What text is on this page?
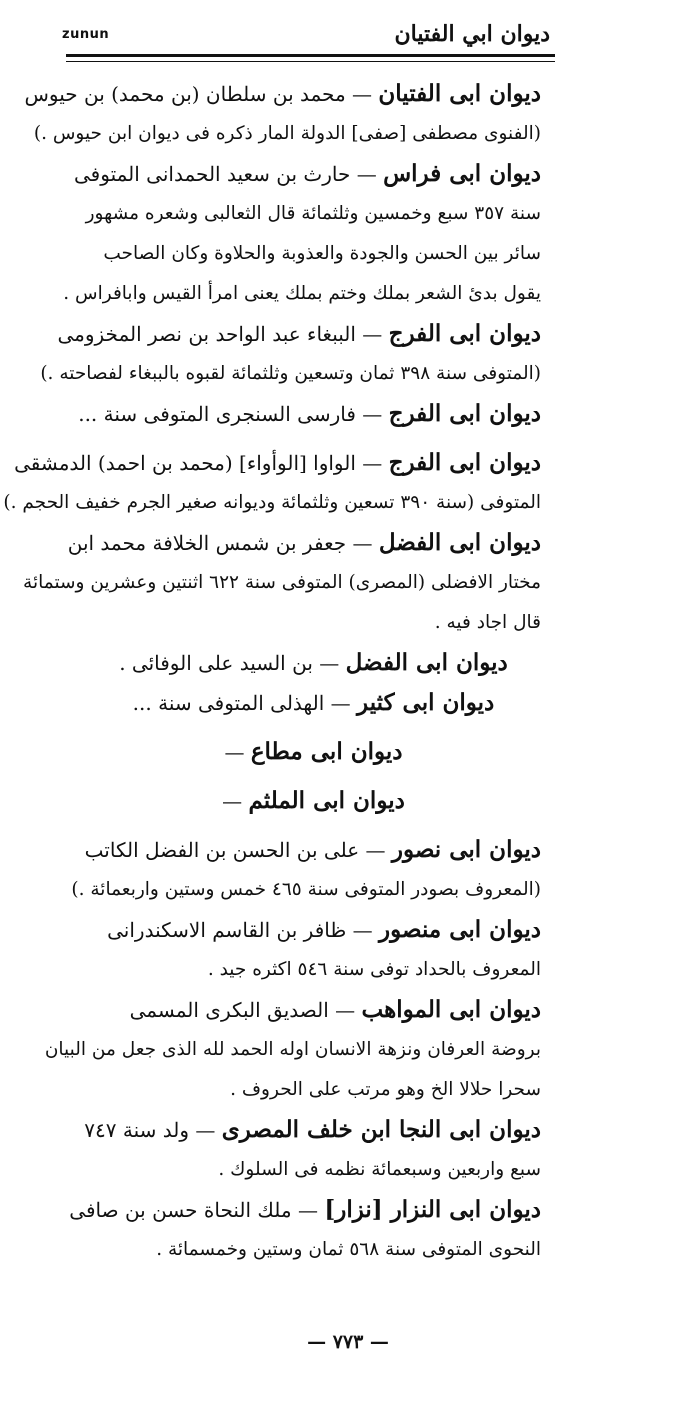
zunun	ديوان ابي الفتيان
ديوان ابى الفتيان — محمد بن سلطان (بن محمد) بن حيوس
(الفنوى مصطفى [صفى] الدولة المار ذكره فى ديوان ابن حيوس .)
ديوان ابى فراس — حارث بن سعيد الحمدانى المتوفى
سنة ٣٥٧ سبع وخمسين وثلثمائة قال الثعالبى وشعره مشهور
سائر بين الحسن والجودة والعذوبة والحلاوة وكان الصاحب
يقول بدئ الشعر بملك وختم بملك يعنى امرأ القيس وابافراس .
ديوان ابى الفرج — الببغاء عبد الواحد بن نصر المخزومى
(المتوفى سنة ٣٩٨ ثمان وتسعين وثلثمائة لقبوه بالببغاء لفصاحته .)
ديوان ابى الفرج — فارسى السنجرى المتوفى سنة ...
ديوان ابى الفرج — الواوا [الوأواء] (محمد بن احمد) الدمشقى
المتوفى (سنة ٣٩٠ تسعين وثلثمائة وديوانه صغير الجرم خفيف الحجم .)
ديوان ابى الفضل — جعفر بن شمس الخلافة محمد ابن
مختار الافضلى (المصرى) المتوفى سنة ٦٢٢ اثنتين وعشرين وستمائة
قال اجاد فيه .
ديوان ابى الفضل — بن السيد على الوفائى .
ديوان ابى كثير — الهذلى المتوفى سنة ...
ديوان ابى مطاع —
ديوان ابى الملثم —
ديوان ابى نصور — على بن الحسن بن الفضل الكاتب
(المعروف بصودر المتوفى سنة ٤٦٥ خمس وستين واربعمائة .)
ديوان ابى منصور — ظافر بن القاسم الاسكندرانى
المعروف بالحداد توفى سنة ٥٤٦ اكثره جيد .
ديوان ابى المواهب — الصديق البكرى المسمى
بروضة العرفان ونزهة الانسان اوله الحمد لله الذى جعل من البيان
سحرا حلالا الخ وهو مرتب على الحروف .
ديوان ابى النجا ابن خلف المصرى — ولد سنة ٧٤٧
سبع واربعين وسبعمائة نظمه فى السلوك .
ديوان ابى النزار [نزار] — ملك النحاة حسن بن صافى
النحوى المتوفى سنة ٥٦٨ ثمان وستين وخمسمائة .
— ٧٧٣ —
